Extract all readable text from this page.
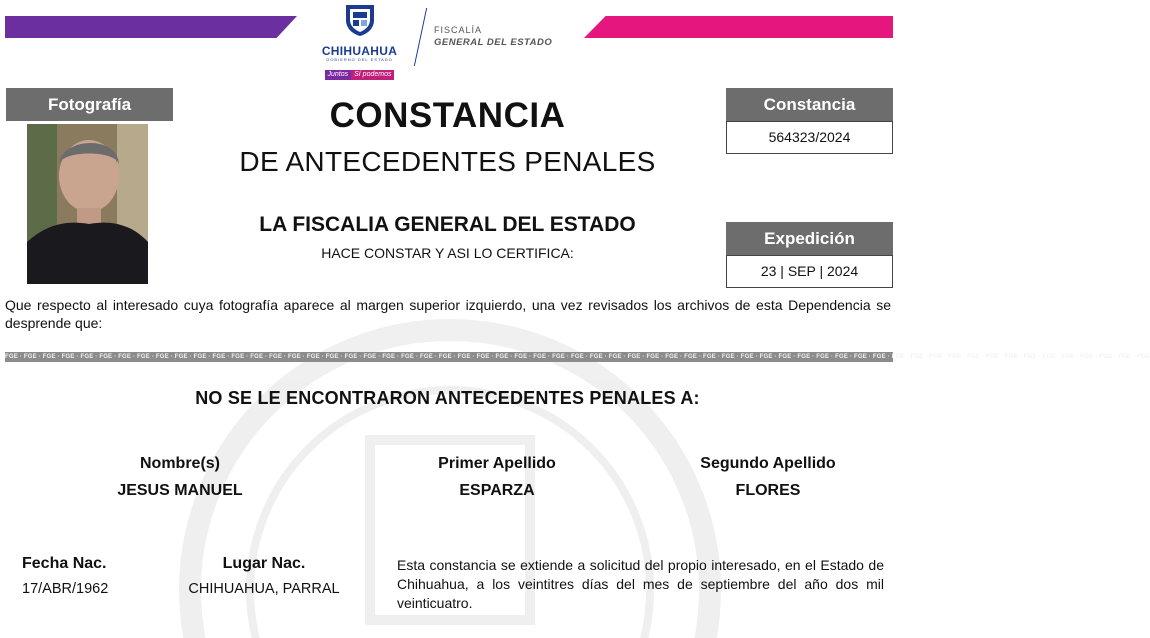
CHIHUAHUA
GOBIERNO DEL ESTADO
Juntos Sí podemos
FISCALÍA
GENERAL DEL ESTADO
Fotografía	Constancia
564323/2024
Expedición
23 | SEP | 2024
CONSTANCIA
DE ANTECEDENTES PENALES
LA FISCALIA GENERAL DEL ESTADO
HACE CONSTAR Y ASI LO CERTIFICA:
Que respecto al interesado cuya fotografía aparece al margen superior izquierdo, una vez revisados los archivos de esta Dependencia se desprende que:
FGE · FGE · FGE · FGE · FGE · FGE · FGE · FGE · FGE · FGE · FGE · FGE · FGE · FGE · FGE · FGE · FGE · FGE · FGE · FGE · FGE · FGE · FGE · FGE · FGE · FGE · FGE · FGE · FGE · FGE · FGE · FGE · FGE · FGE · FGE · FGE · FGE · FGE · FGE · FGE · FGE · FGE · FGE · FGE · FGE · FGE · FGE · FGE · FGE · FGE · FGE · FGE · FGE · FGE · FGE · FGE · FGE · FGE · FGE · FGE · FGE
NO SE LE ENCONTRARON ANTECEDENTES PENALES A:
Nombre(s)
JESUS MANUEL
Primer Apellido
ESPARZA
Segundo Apellido
FLORES
Fecha Nac.
17/ABR/1962
Lugar Nac.
CHIHUAHUA, PARRAL
Esta constancia se extiende a solicitud del propio interesado, en el Estado de Chihuahua, a los veintitres días del mes de septiembre del año dos mil veinticuatro.
